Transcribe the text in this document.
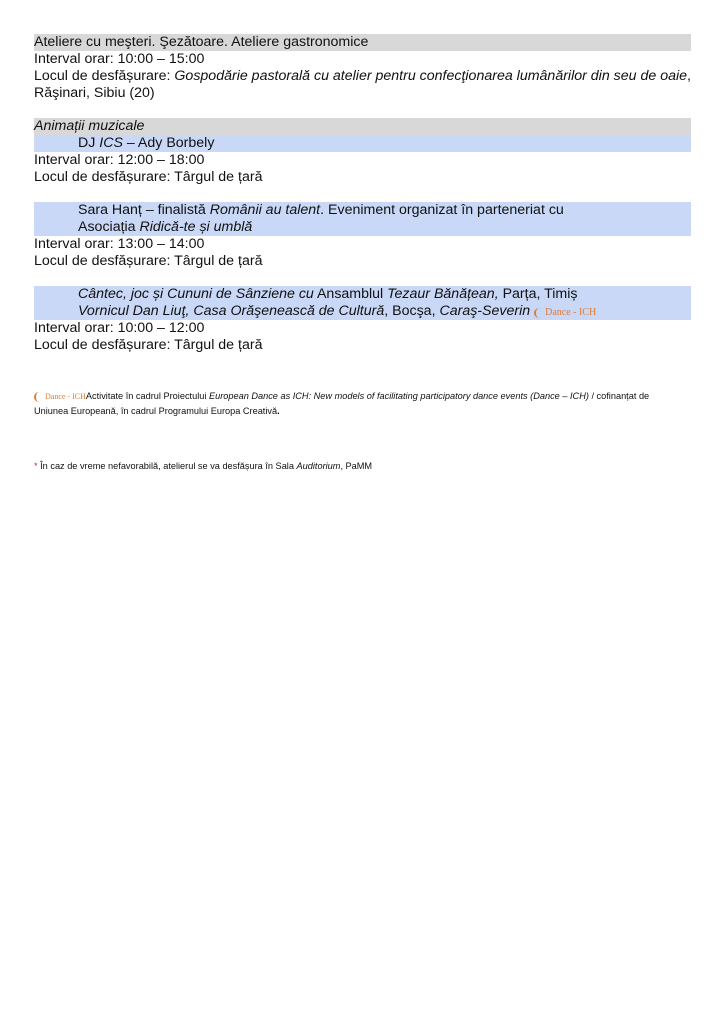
Ateliere cu meşteri. Şezătoare. Ateliere gastronomice
Interval orar: 10:00 – 15:00
Locul de desfășurare: Gospodărie pastorală cu atelier pentru confecţionarea lumânărilor din seu de oaie, Răşinari, Sibiu (20)
Animații muzicale
DJ ICS – Ady Borbely
Interval orar: 12:00 – 18:00
Locul de desfășurare: Târgul de țară
Sara Hanț – finalistă Românii au talent. Eveniment organizat în parteneriat cu
Asociația Ridică-te și umblă
Interval orar: 13:00 – 14:00
Locul de desfășurare: Târgul de țară
Cântec, joc și Cununi de Sânziene cu Ansamblul Tezaur Bănățean, Parța, Timiș
Vornicul Dan Liuţ, Casa Orăşenească de Cultură, Bocşa, Caraş-Severin Dance - ICH
Interval orar: 10:00 – 12:00
Locul de desfășurare: Târgul de țară
Dance - ICHActivitate în cadrul Proiectului European Dance as ICH: New models of facilitating participatory dance events (Dance – ICH) / cofinanțat de
Uniunea Europeană, în cadrul Programului Europa Creativă.
* În caz de vreme nefavorabilă, atelierul se va desfășura în Sala Auditorium, PaMM
